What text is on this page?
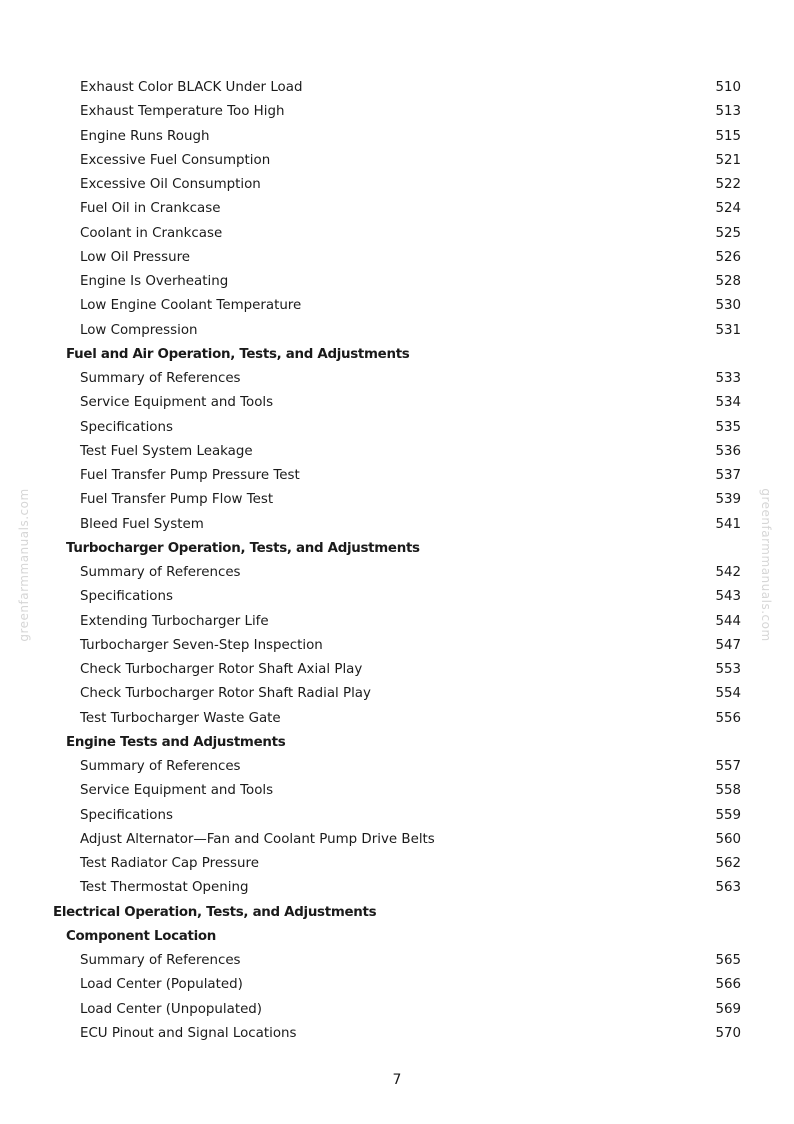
greenfarmmanuals.com	greenfarmmanuals.com
Exhaust Color BLACK Under Load	510
Exhaust Temperature Too High	513
Engine Runs Rough	515
Excessive Fuel Consumption	521
Excessive Oil Consumption	522
Fuel Oil in Crankcase	524
Coolant in Crankcase	525
Low Oil Pressure	526
Engine Is Overheating	528
Low Engine Coolant Temperature	530
Low Compression	531
Fuel and Air Operation, Tests, and Adjustments
Summary of References	533
Service Equipment and Tools	534
Specifications	535
Test Fuel System Leakage	536
Fuel Transfer Pump Pressure Test	537
Fuel Transfer Pump Flow Test	539
Bleed Fuel System	541
Turbocharger Operation, Tests, and Adjustments
Summary of References	542
Specifications	543
Extending Turbocharger Life	544
Turbocharger Seven-Step Inspection	547
Check Turbocharger Rotor Shaft Axial Play	553
Check Turbocharger Rotor Shaft Radial Play	554
Test Turbocharger Waste Gate	556
Engine Tests and Adjustments
Summary of References	557
Service Equipment and Tools	558
Specifications	559
Adjust Alternator—Fan and Coolant Pump Drive Belts	560
Test Radiator Cap Pressure	562
Test Thermostat Opening	563
Electrical Operation, Tests, and Adjustments
Component Location
Summary of References	565
Load Center (Populated)	566
Load Center (Unpopulated)	569
ECU Pinout and Signal Locations	570
7
